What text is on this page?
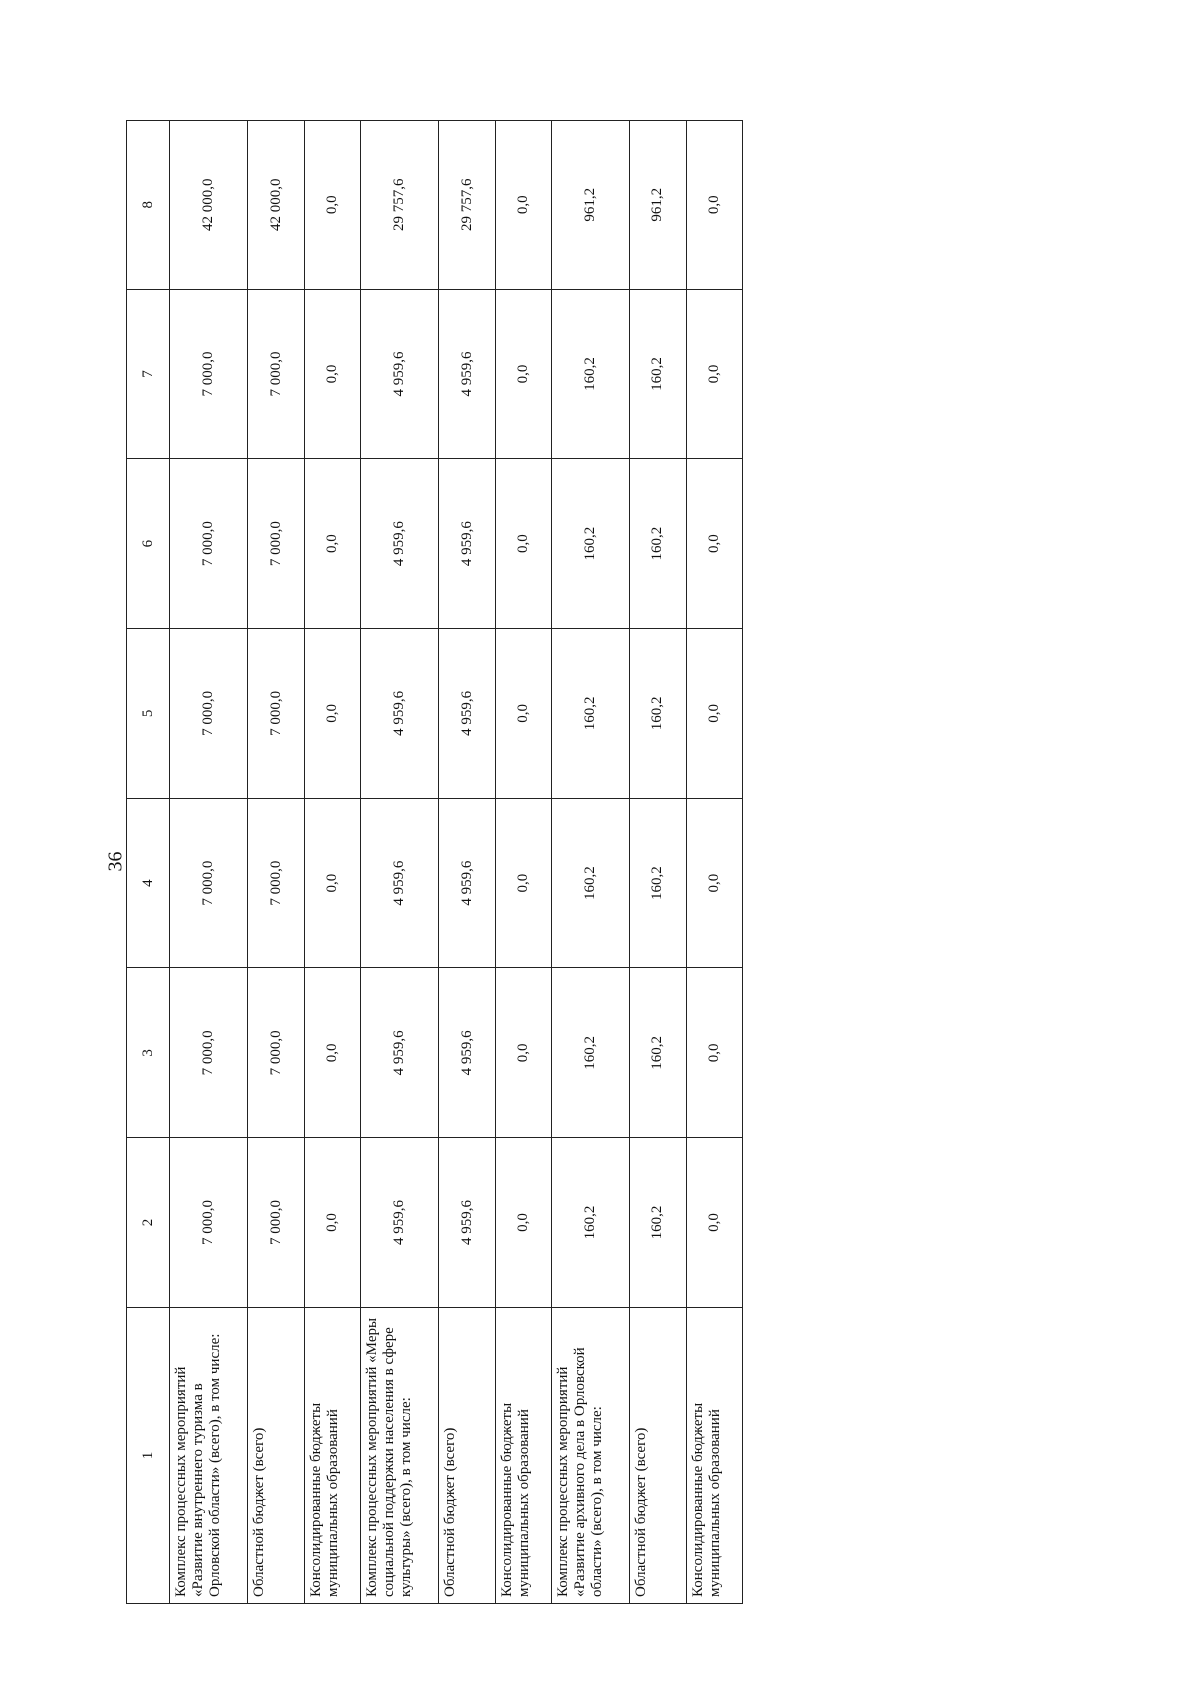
36
1	2	3	4	5	6	7	8
Комплекс процессных мероприятий «Развитие внутреннего туризма в Орловской области» (всего), в том числе:	7 000,0	7 000,0	7 000,0	7 000,0	7 000,0	7 000,0	42 000,0
Областной бюджет (всего)	7 000,0	7 000,0	7 000,0	7 000,0	7 000,0	7 000,0	42 000,0
Консолидированные бюджеты муниципальных образований	0,0	0,0	0,0	0,0	0,0	0,0	0,0
Комплекс процессных мероприятий «Меры социальной поддержки населения в сфере культуры» (всего), в том числе:	4 959,6	4 959,6	4 959,6	4 959,6	4 959,6	4 959,6	29 757,6
Областной бюджет (всего)	4 959,6	4 959,6	4 959,6	4 959,6	4 959,6	4 959,6	29 757,6
Консолидированные бюджеты муниципальных образований	0,0	0,0	0,0	0,0	0,0	0,0	0,0
Комплекс процессных мероприятий «Развитие архивного дела в Орловской области» (всего), в том числе:	160,2	160,2	160,2	160,2	160,2	160,2	961,2
Областной бюджет (всего)	160,2	160,2	160,2	160,2	160,2	160,2	961,2
Консолидированные бюджеты муниципальных образований	0,0	0,0	0,0	0,0	0,0	0,0	0,0
